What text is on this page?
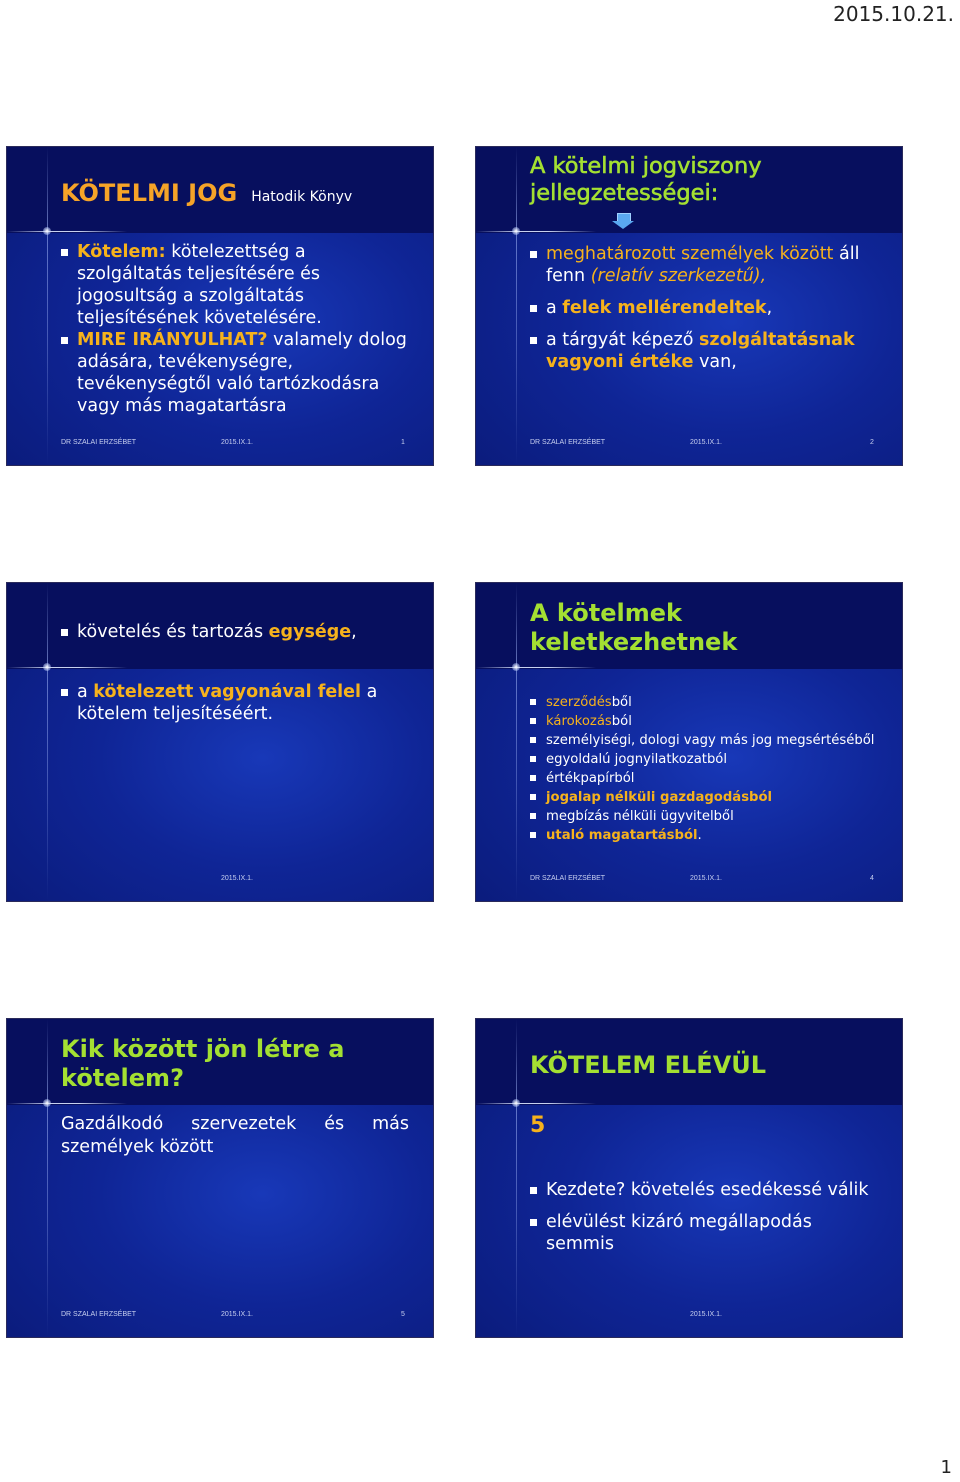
2015.10.21.
KÖTELMI JOG Hatodik Könyv
Kötelem: kötelezettség a szolgáltatás teljesítésére és jogosultság a szolgáltatás teljesítésének követelésére.
MIRE IRÁNYULHAT? valamely dolog adására, tevékenységre, tevékenységtől való tartózkodásra vagy más magatartásra
DR SZALAI ERZSÉBET	2015.IX.1.	1
A kötelmi jogviszony jellegzetességei:
meghatározott személyek között áll fenn (relatív szerkezetű),
a felek mellérendeltek,
a tárgyát képező szolgáltatásnak vagyoni értéke van,
DR SZALAI ERZSÉBET	2015.IX.1.	2
követelés és tartozás egysége,
a kötelezett vagyonával felel a kötelem teljesítéséért.
2015.IX.1.
A kötelmek keletkezhetnek
szerződésből
károkozásból
személyiségi, dologi vagy más jog megsértéséből
egyoldalú jognyilatkozatból
értékpapírból
jogalap nélküli gazdagodásból
megbízás nélküli ügyvitelből
utaló magatartásból.
DR SZALAI ERZSÉBET	2015.IX.1.	4
Kik között jön létre a kötelem?
Gazdálkodó szervezetek és más személyek között
DR SZALAI ERZSÉBET	2015.IX.1.	5
KÖTELEM ELÉVÜL
5
Kezdete? követelés esedékessé válik
elévülést kizáró megállapodás semmis
2015.IX.1.
1
